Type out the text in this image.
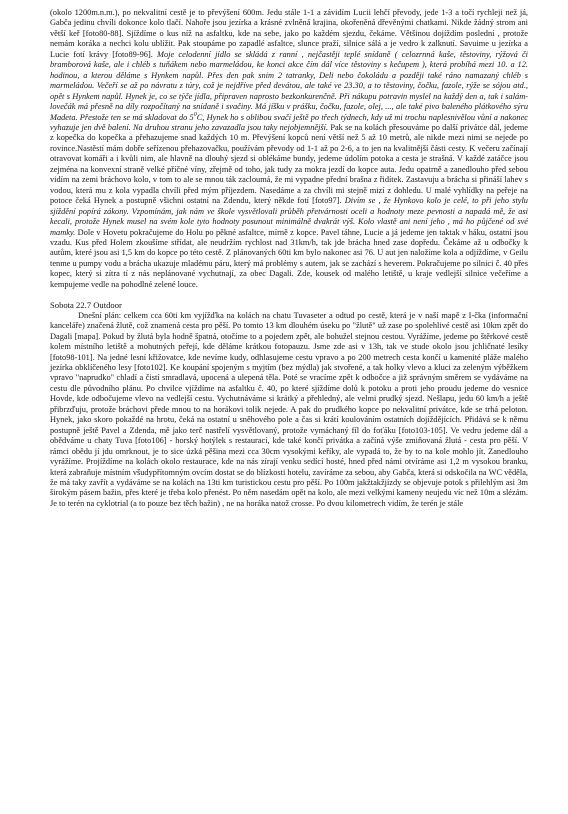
(okolo 1200m.n.m.), po nekvalitní cestě je to převýšení 600m. Jedu stále 1-1 a závidím Lucii lehčí převody, jede 1-3 a točí rychleji než já, Gabča jedinu chvíli dokonce kolo tlačí. Nahoře jsou jezírka a krásné zvlněná krajina, okořeněná dřevěnými chatkami. Nikde žádný strom ani větší keř [foto80-88]. Sjíždíme o kus níž na asfaltku, kde na sebe, jako po každém sjezdu, čekáme. Většinou dojíždím poslední , protože nemám koráka a nechci kolu ublížit. Pak stoupáme po zapadlé asfaltce, slunce praží, silnice sálá a je vedro k zalknutí. Savuime u jezírka a Lucie fotí krávy [foto89-96]. Moje celodenní jídlo se skládá z ranní , nejčastěji teplé snídaně ( celozrnná kaše, těstoviny, rýžová či bramborová kaše, ale i chléb s tuňákem nebo marmeládou, ke konci akce čím dál více těstoviny s kečupem ), která probíhá mezi 10. a 12. hodinou, a kterou děláme s Hynkem napůl. Přes den pak snim 2 tatranky, Deli nebo čokoládu a později také ráno namazaný chléb s marmeládou. Večeří se až po návratu z túry, což je nejdříve před devátou, ale také ve 23.30, a to těstoviny, čočku, fazole, rýže se sójou atd., opět s Hynkem napůl. Hynek je, co se týče jídla, připraven naprosto bezkonkurenčně. Při nákupu potravin myslel na každý den a, tak i salám- lovečák má přesně na díly rozpočítaný na snídaně i svačiny. Má jíšku v prášku, čočku, fazole, olej, ..., ale také pivo baleného plátkového sýru Madeta. Přestože ten se má skladovat do $5^0C$, Hynek ho s oblibou svačí ještě po třech týdnech, kdy už mi trochu naplesnivělou vůní a nakonec vyhazuje jen dvě balení. Na druhou stranu jeho zavazadla jsou taky nejobjemnější. Pak se na kolách přesouváme po další privátce dál, jedeme z kopečka do kopečka a přehazujeme snad každých 10 m. Převýšení kopců není větší než 5 až 10 metrů, ale nikde mezi nimi se nejede po rovince.Nastěstí mám dobře seřízenou přehazovačku, používám převody od 1-1 až po 2-6, a to jen na kvalitnější části cesty. K večeru začínají otravovat komáři a i kvůli nim, ale hlavně na dlouhý sjezd si oblékáme bundy, jedeme údolím potoka a cesta je strašná. V každé zatáčce jsou zejména na konvexní straně velké příčné víny, zřejmě od toho, jak tudy za mokra jezdí do kopce auta. Jedu opatrně a zanedlouho před sebou vidím na zemi bráchovo kolo, v tom to ale se mnou ták zacloumá, že mi vypadne přední brašna z řidítek. Zastavuju a brácha si přináší lahev s vodou, která mu z kola vypadla chvíli před mým příjezdem. Nasedáme a za chvíli mi stejně mizí z dohledu. U malé vyhlídky na peřeje na potoce čeká Hynek a postupně všichni ostatní na Zdendu, který někde fotí [foto97]. Divím se , že Hynkovo kolo je celé, to při jeho stylu sjíždění popírá zákony. Vzpomínám, jak nám ve škole vysvětlovali průběh přetvárnosti oceli a hodnoty meze pevnosti a napadá mě, že asi kecali, protože Hynek musel na svém kole tyto hodnoty posunout minimálně dvakrát výš. Kolo vlastě ani není jeho , má ho půjčené od své mamky. Dole v Hovetu pokračujeme do Holu po pěkné asfaltce, mírně z kopce. Pavel táhne, Lucie a já jedeme jen taktak v háku, ostatní jsou vzadu. Kus před Holem zkoušíme střídat, ale neudržím rychlost nad 31km/h, tak jde brácha hned zase dopředu. Čekáme až u odbočky k autům, které jsou asi 1,5 km do kopce po této cestě. Z plánovaných 60ti km bylo nakonec asi 76. U aut jen naložíme kola a odjíždíme, v Geilu tenme u pumpy vodu a brácha ukazuje mladému páru, který má problémy s autem, jak se zachází s heverem. Pokračujeme po silnici č. 40 přes kopec, který si zítra tí z nás neplánované vychutnají, za obec Dagali. Zde, kousek od malého letiště, u kraje vedlejší silnice večeříme a kempujeme vedle na pohodlné zelené louce.

Sobota 22.7 Outdoor

Dnešní plán: celkem cca 60ti km vyjížďka na kolách na chatu Tuvaseter a odtud po cestě, která je v naší mapě z I-čka (informační kanceláře) značená žlutě, což znamená cesta pro pěší. Po tomto 13 km dlouhém úseku po "žlutě" už zase po spolehlivé cestě asi 10km zpět do Dagali [mapa]. Pokud by žlutá byla hodně špatná, otočíme to a pojedem zpět, ale bohužel stejnou cestou. Vyrážíme, jedeme po štěrkové cestě kolem místního letiště a mohutných peřejí, kde děláme krátkou fotopauzu. Jsme zde asi v 13h, tak ve stude okolo jsou jchličnaté lesíky [foto98-101]. Na jedné lesní křižovatce, kde nevíme kudy, odhlasujeme cestu vpravo a po 200 metrech cesta končí u kamenité pláže malého jezírka obklíčeného lesy [foto102]. Ke koupání spojeným s myjtím (bez mýdla) jak stvořené, a tak holky vlevo a kluci za zeleným výběžkem vpravo "naprudko" chladí a čistí smradlavá, upocená a ulepená těla. Poté se vracíme zpět k odbočce a již správným směrem se vydáváme na cestu dle původního plánu. Po chvilce vjíždíme na asfaltku č. 40, po které sjíždíme dolů k potoku a proti jeho proudu jedeme do vesnice Hovde, kde odbočujeme vlevo na vedlejší cestu. Vychutnáváme si krátký a přehledný, ale velmi prudký sjezd. Nešlapu, jedu 60 km/h a ještě přibrzďuju, protože bráchovi přede mnou to na horákovi tolik nejede. A pak do prudkého kopce po nekvalitní privátce, kde se trhá peloton. Hynek, jako skoro pokaždé na hrotu, čeká na ostatní u sněhového pole a čas si krátí koulováním ostatních dojíždějících. Přidává se k němu postupně ještě Pavel a Zdenda, mě jako terč nastřelí vysvětlovaný, protože vymáchaný fíl do foťáku [foto103-105]. Ve vedru jedeme dál a obědváme u chaty Tuva [foto106] - horský hotýlek s restaurací, kde také končí privátka a začíná výše zmiňovaná žlutá - cesta pro pěší. V rámci obědu jí jdu omrknout, je to sice úzká pěšina mezi cca 30cm vysokými keříky, ale vypadá to, že by to na kole mohlo jít. Zanedlouho vyrážíme. Projíždíme na kolách okolo restaurace, kde na nás zírají venku sedící hosté, hned před námi otvíráme asi 1,2 m vysokou branku, která zabraňuje místním všudypřítomným ovcím dostat se do blízkosti hotelu, zavíráme za sebou, aby Gabča, která si odskočila na WC věděla, že má taky zavřít a vydáváme se na kolách na 13ti km turistickou cestu pro pěší. Po 100m jakžtakžjízdy se objevuje potok s přilehlým asi 3m širokým pásem bažin, přes které je třeba kolo přenést. Po něm nasedám opět na kolo, ale mezi velkými kameny neujedu víc než 10m a slézám. Je to terén na cyklotrial (a to pouze bez těch bažin) , ne na horáka natož crosse. Po dvou kilometrech vidím, že terén je stále
